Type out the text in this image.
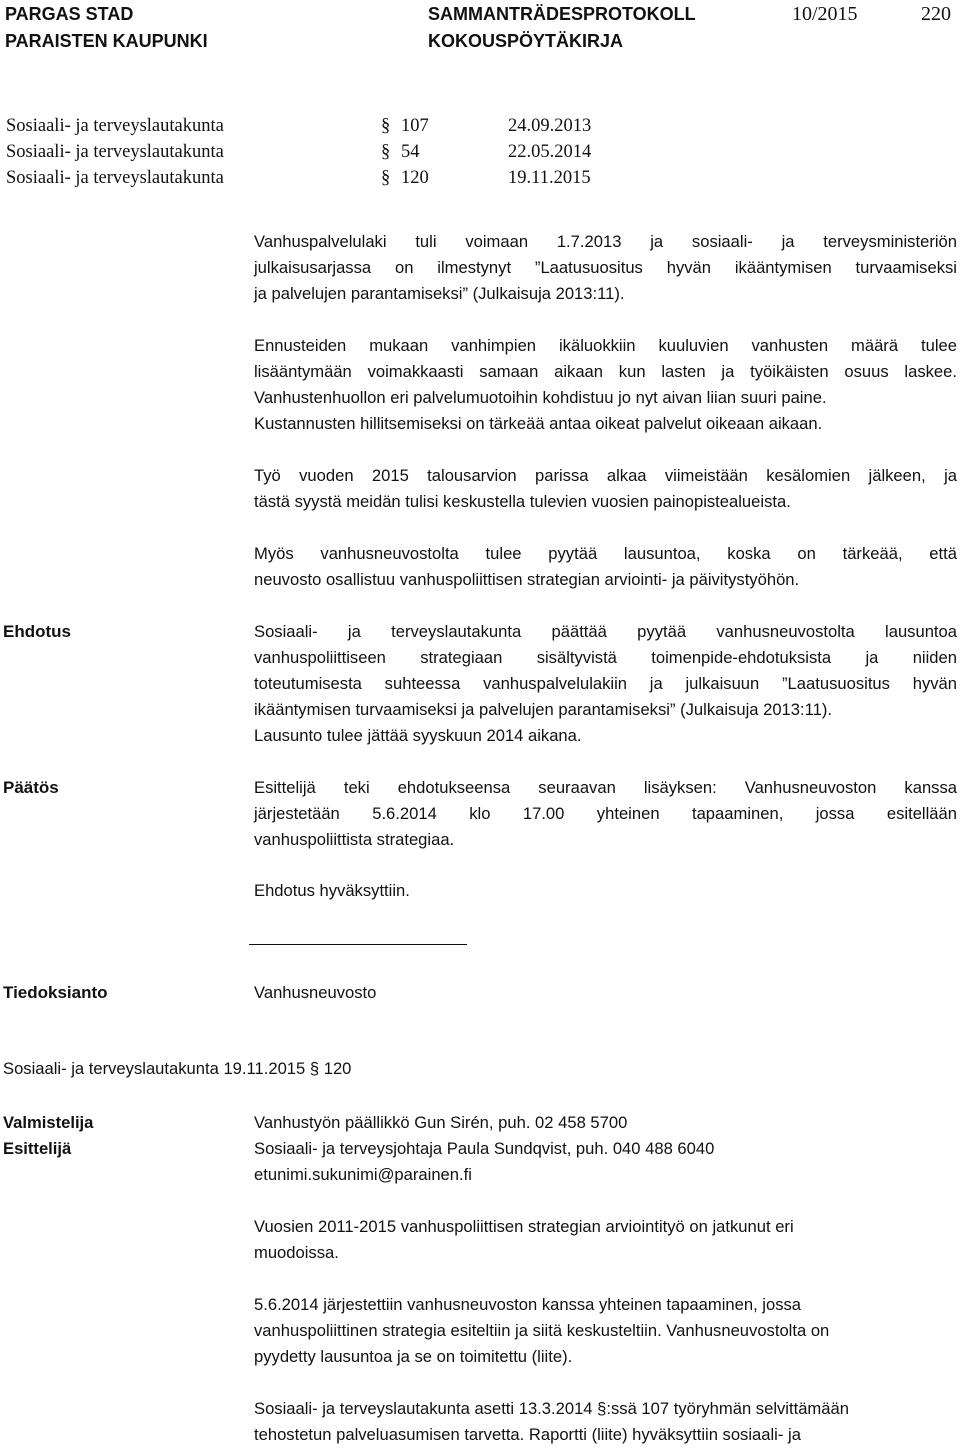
PARGAS STAD
PARAISTEN KAUPUNKI
SAMMANTRÄDESPROTOKOLL
KOKOUSPÖYTÄKIRJA
10/2015	220
Sosiaali- ja terveyslautakunta	§ 107	24.09.2013
Sosiaali- ja terveyslautakunta	§ 54	22.05.2014
Sosiaali- ja terveyslautakunta	§ 120	19.11.2015
Vanhuspalvelulaki tuli voimaan 1.7.2013 ja sosiaali- ja terveysministeriön
julkaisusarjassa on ilmestynyt ”Laatusuositus hyvän ikääntymisen turvaamiseksi
ja palvelujen parantamiseksi” (Julkaisuja 2013:11).
Ennusteiden mukaan vanhimpien ikäluokkiin kuuluvien vanhusten määrä tulee
lisääntymään voimakkaasti samaan aikaan kun lasten ja työikäisten osuus laskee.
Vanhustenhuollon eri palvelumuotoihin kohdistuu jo nyt aivan liian suuri paine.
Kustannusten hillitsemiseksi on tärkeää antaa oikeat palvelut oikeaan aikaan.
Työ vuoden 2015 talousarvion parissa alkaa viimeistään kesälomien jälkeen, ja
tästä syystä meidän tulisi keskustella tulevien vuosien painopistealueista.
Myös vanhusneuvostolta tulee pyytää lausuntoa, koska on tärkeää, että
neuvosto osallistuu vanhuspoliittisen strategian arviointi- ja päivitystyöhön.
Ehdotus	Sosiaali- ja terveyslautakunta päättää pyytää vanhusneuvostolta lausuntoa
vanhuspoliittiseen strategiaan sisältyvistä toimenpide-ehdotuksista ja niiden
toteutumisesta suhteessa vanhuspalvelulakiin ja julkaisuun ”Laatusuositus hyvän
ikääntymisen turvaamiseksi ja palvelujen parantamiseksi” (Julkaisuja 2013:11).
Lausunto tulee jättää syyskuun 2014 aikana.
Päätös	Esittelijä teki ehdotukseensa seuraavan lisäyksen: Vanhusneuvoston kanssa
järjestetään 5.6.2014 klo 17.00 yhteinen tapaaminen, jossa esitellään
vanhuspoliittista strategiaa.
Ehdotus hyväksyttiin.
Tiedoksianto	Vanhusneuvosto
Sosiaali- ja terveyslautakunta 19.11.2015 § 120
Valmistelija	Vanhustyön päällikkö Gun Sirén, puh. 02 458 5700
Esittelijä	Sosiaali- ja terveysjohtaja Paula Sundqvist, puh. 040 488 6040
etunimi.sukunimi@parainen.fi
Vuosien 2011-2015 vanhuspoliittisen strategian arviointityö on jatkunut eri
muodoissa.
5.6.2014 järjestettiin vanhusneuvoston kanssa yhteinen tapaaminen, jossa
vanhuspoliittinen strategia esiteltiin ja siitä keskusteltiin. Vanhusneuvostolta on
pyydetty lausuntoa ja se on toimitettu (liite).
Sosiaali- ja terveyslautakunta asetti 13.3.2014 §:ssä 107 työryhmän selvittämään
tehostetun palveluasumisen tarvetta. Raportti (liite) hyväksyttiin sosiaali- ja
